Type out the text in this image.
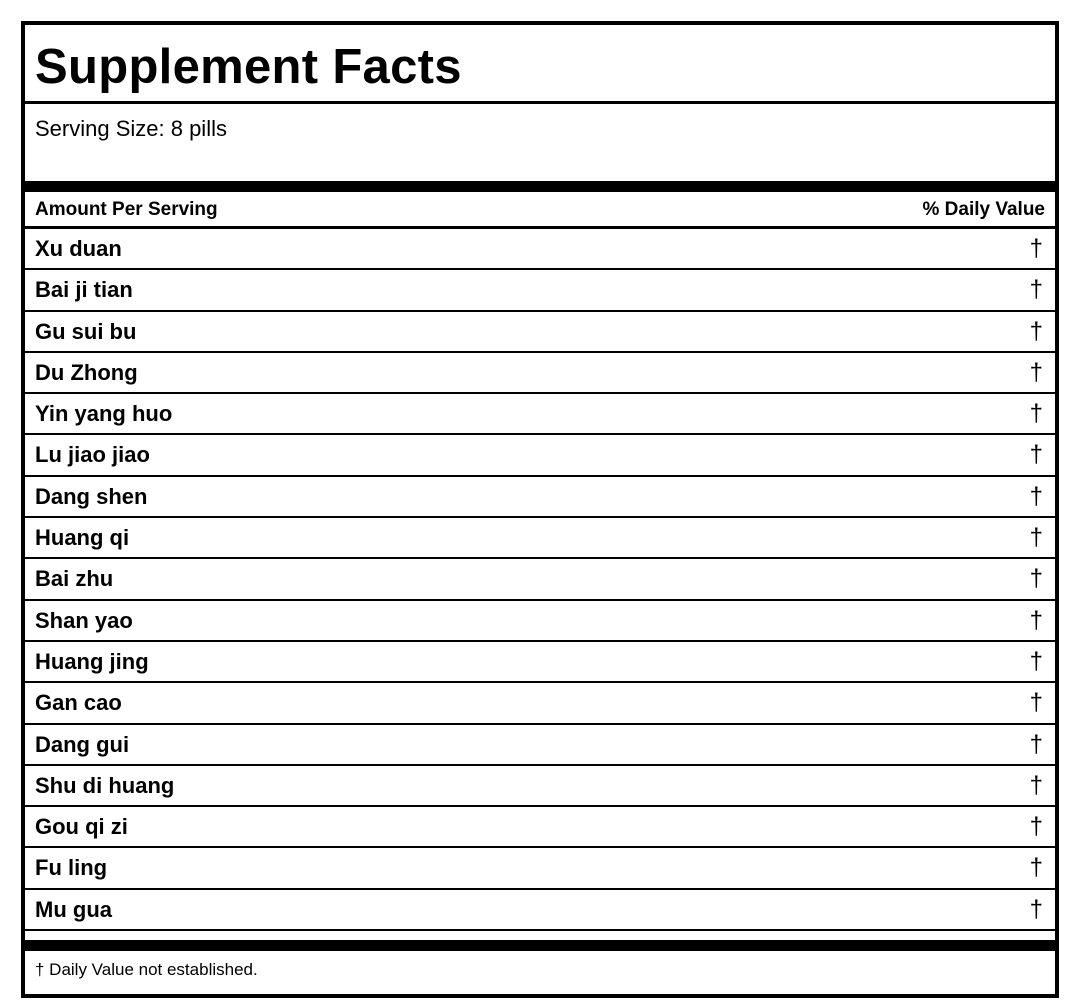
Supplement Facts
Serving Size: 8 pills
Amount Per Serving	% Daily Value
Xu duan	†
Bai ji tian	†
Gu sui bu	†
Du Zhong	†
Yin yang huo	†
Lu jiao jiao	†
Dang shen	†
Huang qi	†
Bai zhu	†
Shan yao	†
Huang jing	†
Gan cao	†
Dang gui	†
Shu di huang	†
Gou qi zi	†
Fu ling	†
Mu gua	†
† Daily Value not established.
